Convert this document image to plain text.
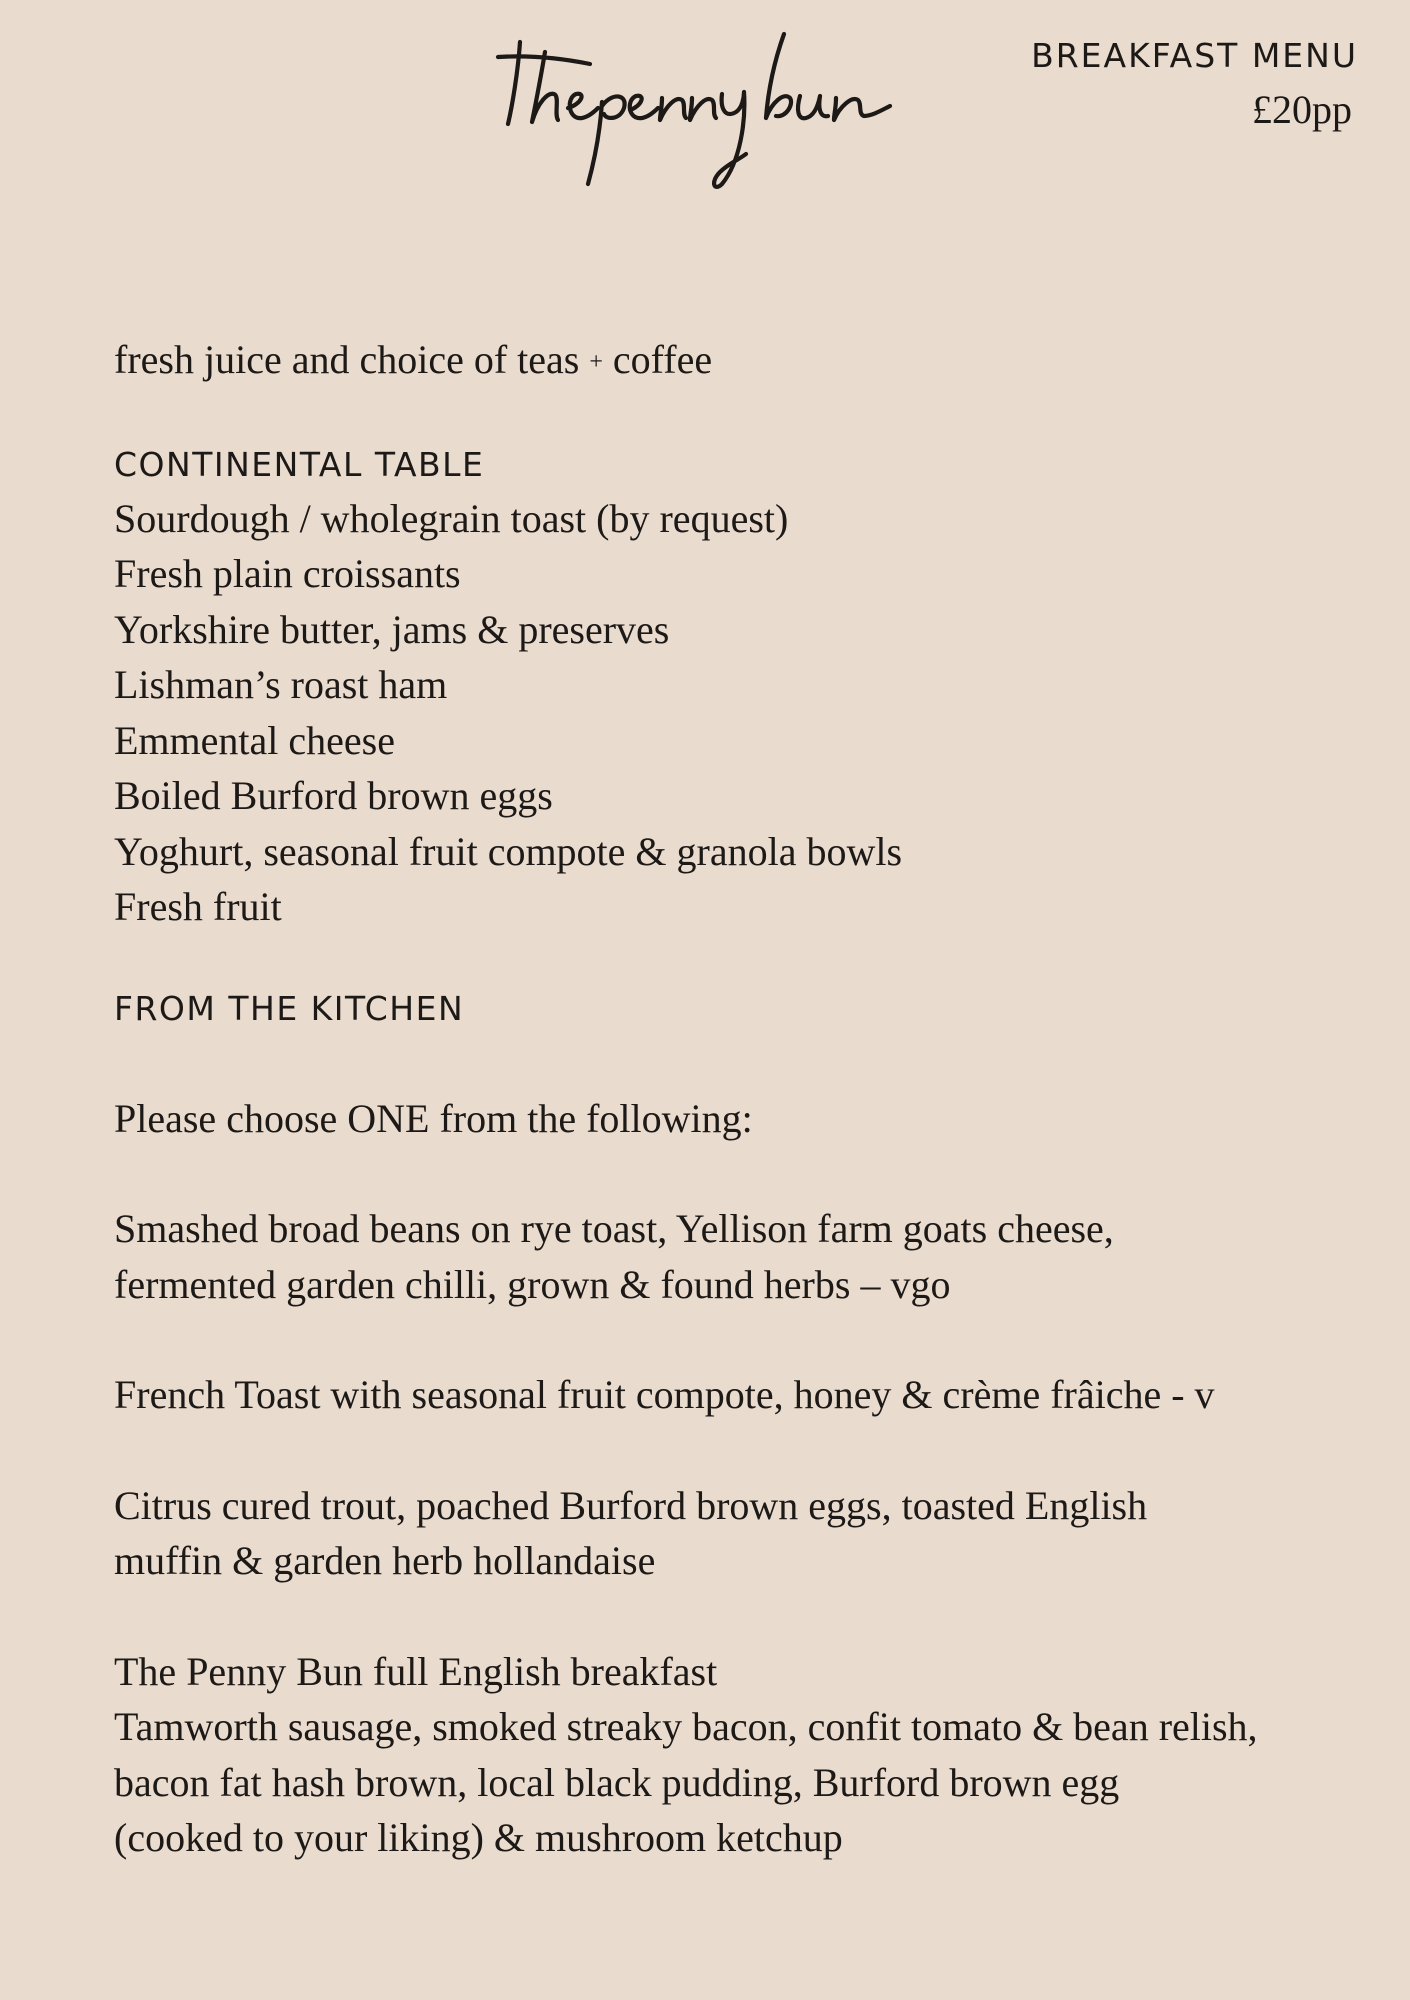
BREAKFAST MENU
£20pp

fresh juice and choice of teas + coffee

CONTINENTAL TABLE
Sourdough / wholegrain toast (by request)
Fresh plain croissants
Yorkshire butter, jams & preserves
Lishman’s roast ham
Emmental cheese
Boiled Burford brown eggs
Yoghurt, seasonal fruit compote & granola bowls
Fresh fruit
FROM THE KITCHEN

Please choose ONE from the following:

Smashed broad beans on rye toast, Yellison farm goats cheese,
fermented garden chilli, grown & found herbs – vgo

French Toast with seasonal fruit compote, honey & crème frâiche - v

Citrus cured trout, poached Burford brown eggs, toasted English
muffin & garden herb hollandaise

The Penny Bun full English breakfast
Tamworth sausage, smoked streaky bacon, confit tomato & bean relish,
bacon fat hash brown, local black pudding, Burford brown egg
(cooked to your liking) & mushroom ketchup
